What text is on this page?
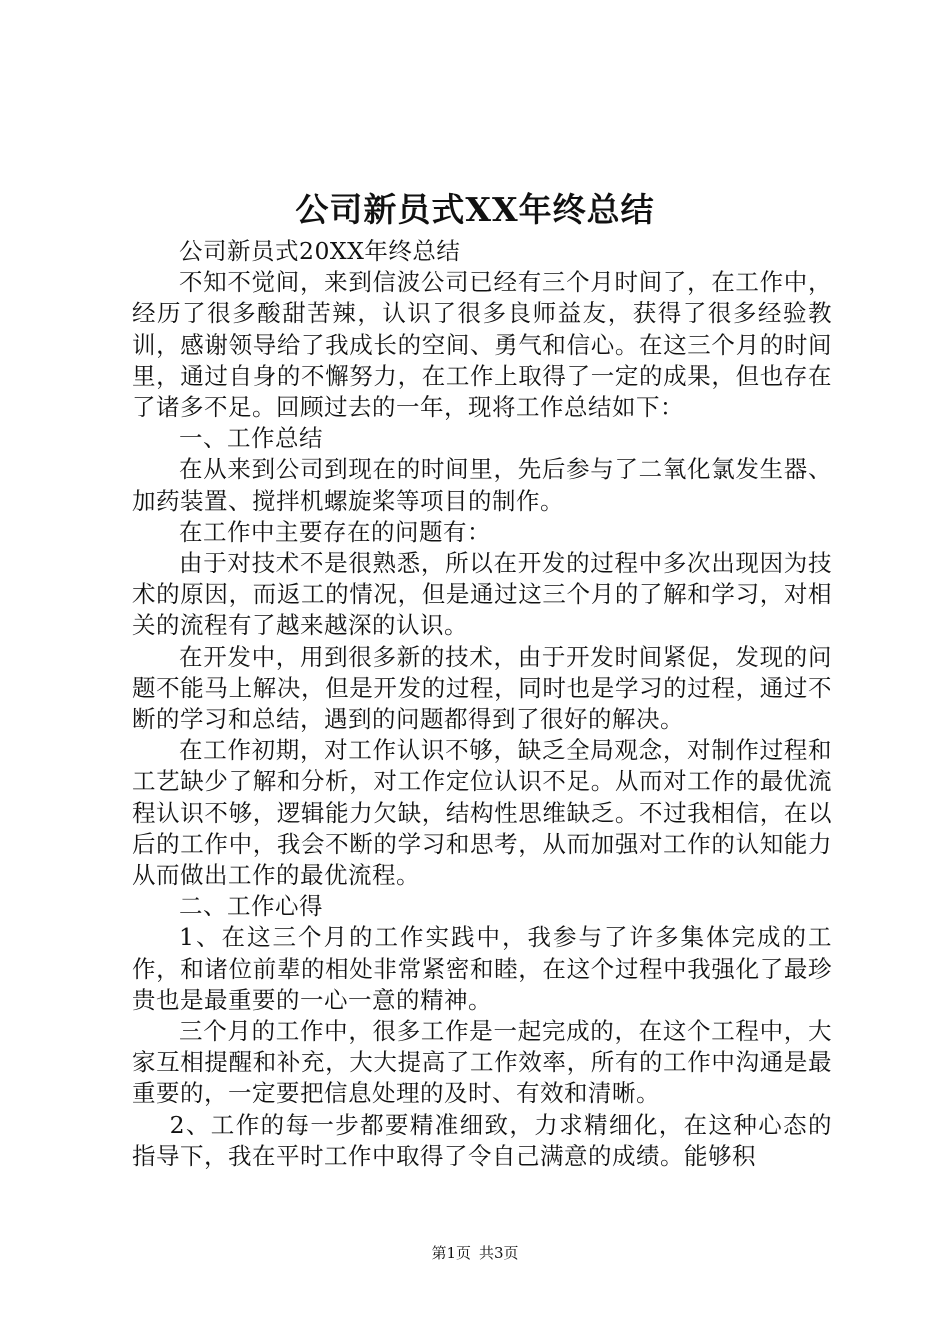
公司新员式XX年终总结

公司新员式20XX年终总结

不知不觉间，来到信波公司已经有三个月时间了，在工作中，经历了很多酸甜苦辣，认识了很多良师益友，获得了很多经验教训，感谢领导给了我成长的空间、勇气和信心。在这三个月的时间里，通过自身的不懈努力，在工作上取得了一定的成果，但也存在了诸多不足。回顾过去的一年，现将工作总结如下：

一、工作总结

在从来到公司到现在的时间里，先后参与了二氧化氯发生器、加药装置、搅拌机螺旋桨等项目的制作。

在工作中主要存在的问题有：

由于对技术不是很熟悉，所以在开发的过程中多次出现因为技术的原因，而返工的情况，但是通过这三个月的了解和学习，对相关的流程有了越来越深的认识。

在开发中，用到很多新的技术，由于开发时间紧促，发现的问题不能马上解决，但是开发的过程，同时也是学习的过程，通过不断的学习和总结，遇到的问题都得到了很好的解决。

在工作初期，对工作认识不够，缺乏全局观念，对制作过程和工艺缺少了解和分析，对工作定位认识不足。从而对工作的最优流程认识不够，逻辑能力欠缺，结构性思维缺乏。不过我相信，在以后的工作中，我会不断的学习和思考，从而加强对工作的认知能力从而做出工作的最优流程。

二、工作心得

1、在这三个月的工作实践中，我参与了许多集体完成的工作，和诸位前辈的相处非常紧密和睦，在这个过程中我强化了最珍贵也是最重要的一心一意的精神。

三个月的工作中，很多工作是一起完成的，在这个工程中，大家互相提醒和补充，大大提高了工作效率，所有的工作中沟通是最重要的，一定要把信息处理的及时、有效和清晰。

2、工作的每一步都要精准细致，力求精细化，在这种心态的指导下，我在平时工作中取得了令自己满意的成绩。能够积

第1页 共3页
